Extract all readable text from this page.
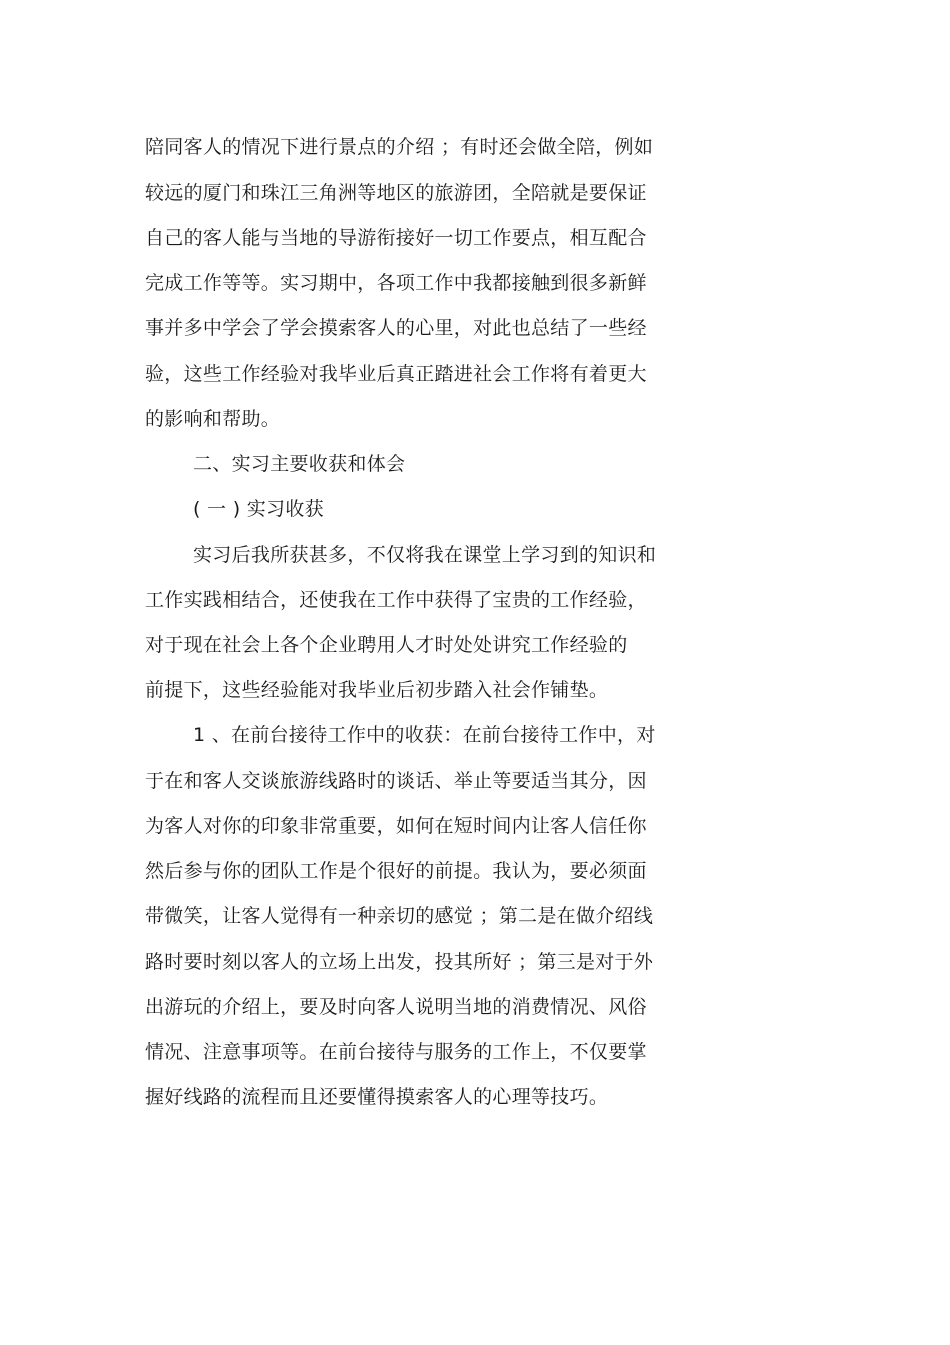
陪同客人的情况下进行景点的介绍 ；有时还会做全陪，例如
较远的厦门和珠江三角洲等地区的旅游团，全陪就是要保证
自己的客人能与当地的导游衔接好一切工作要点，相互配合
完成工作等等。实习期中，各项工作中我都接触到很多新鲜
事并多中学会了学会摸索客人的心里，对此也总结了一些经
验，这些工作经验对我毕业后真正踏进社会工作将有着更大
的影响和帮助。
二、实习主要收获和体会
( 一 ) 实习收获
实习后我所获甚多，不仅将我在课堂上学习到的知识和
工作实践相结合，还使我在工作中获得了宝贵的工作经验，
对于现在社会上各个企业聘用人才时处处讲究工作经验的
前提下，这些经验能对我毕业后初步踏入社会作铺垫。
1 、在前台接待工作中的收获：在前台接待工作中，对
于在和客人交谈旅游线路时的谈话、举止等要适当其分，因
为客人对你的印象非常重要，如何在短时间内让客人信任你
然后参与你的团队工作是个很好的前提。我认为，要必须面
带微笑，让客人觉得有一种亲切的感觉 ；第二是在做介绍线
路时要时刻以客人的立场上出发，投其所好 ；第三是对于外
出游玩的介绍上，要及时向客人说明当地的消费情况、风俗
情况、注意事项等。在前台接待与服务的工作上，不仅要掌
握好线路的流程而且还要懂得摸索客人的心理等技巧。
